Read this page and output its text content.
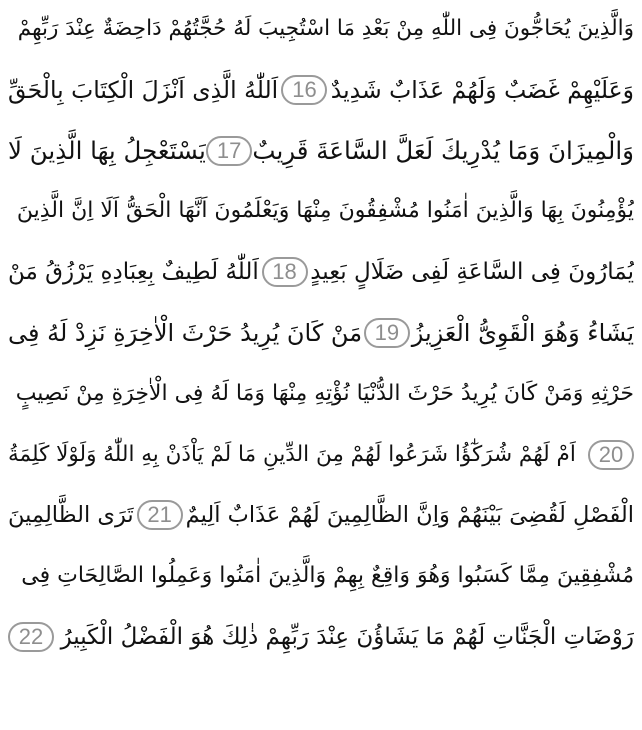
وَالَّذِينَ يُحَاجُّونَ فِى اللّٰهِ مِنْ بَعْدِ مَا اسْتُجِيبَ لَهُ حُجَّتُهُمْ دَاحِضَةٌ عِنْدَ رَبِّهِمْ
وَعَلَيْهِمْ غَضَبٌ وَلَهُمْ عَذَابٌ شَدِيدٌ
16
اَللّٰهُ الَّذِى اَنْزَلَ الْكِتَابَ بِالْحَقِّ
وَالْمِيزَانَ وَمَا يُدْرِيكَ لَعَلَّ السَّاعَةَ قَرِيبٌ
17
يَسْتَعْجِلُ بِهَا الَّذِينَ لَا
يُؤْمِنُونَ بِهَا وَالَّذِينَ اٰمَنُوا مُشْفِقُونَ مِنْهَا وَيَعْلَمُونَ اَنَّهَا الْحَقُّ اَلَا اِنَّ الَّذِينَ
يُمَارُونَ فِى السَّاعَةِ لَفِى ضَلَالٍ بَعِيدٍ
18
اَللّٰهُ لَطِيفٌ بِعِبَادِهِ يَرْزُقُ مَنْ
يَشَاءُ وَهُوَ الْقَوِىُّ الْعَزِيزُ
19
مَنْ كَانَ يُرِيدُ حَرْثَ الْاٰخِرَةِ نَزِدْ لَهُ فِى
حَرْثِهِ وَمَنْ كَانَ يُرِيدُ حَرْثَ الدُّنْيَا نُؤْتِهِ مِنْهَا وَمَا لَهُ فِى الْاٰخِرَةِ مِنْ نَصِيبٍ
20
اَمْ لَهُمْ شُرَكٰٓؤُا شَرَعُوا لَهُمْ مِنَ الدِّينِ مَا لَمْ يَاْذَنْ بِهِ اللّٰهُ وَلَوْلَا كَلِمَةُ
الْفَصْلِ لَقُضِىَ بَيْنَهُمْ وَاِنَّ الظَّالِمِينَ لَهُمْ عَذَابٌ اَلِيمٌ
21
تَرَى الظَّالِمِينَ
مُشْفِقِينَ مِمَّا كَسَبُوا وَهُوَ وَاقِعٌ بِهِمْ وَالَّذِينَ اٰمَنُوا وَعَمِلُوا الصَّالِحَاتِ فِى
رَوْضَاتِ الْجَنَّاتِ لَهُمْ مَا يَشَاؤُنَ عِنْدَ رَبِّهِمْ ذٰلِكَ هُوَ الْفَضْلُ الْكَبِيرُ
22
